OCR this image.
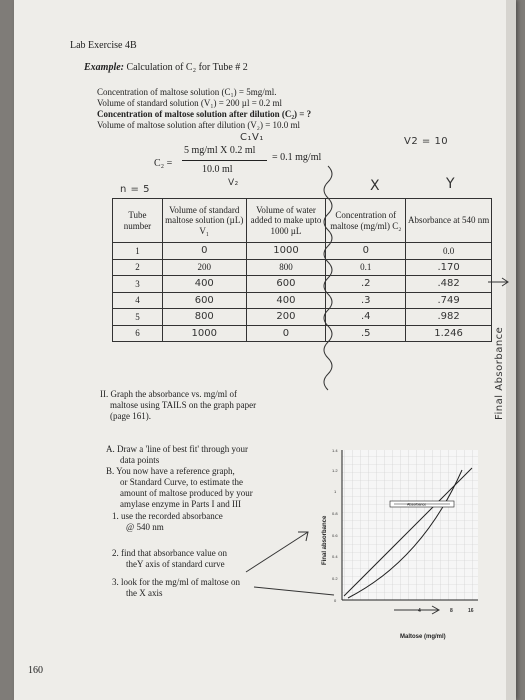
Lab Exercise 4B
Example: Calculation of C₂ for Tube # 2
Concentration of maltose solution (C₁) = 5mg/ml.
Volume of standard solution (V₁) = 200 µl = 0.2 ml
Concentration of maltose solution after dilution (C₂) = ?
Volume of maltose solution after dilution (V₂) = 10.0 ml
C₁V₁
C₂ =
5 mg/ml X 0.2 ml
10.0 ml
= 0.1 mg/ml
V₂
V2 = 10
n = 5	X	Y
Tube number	Volume of standard maltose solution (µL) V₁	Volume of water added to make upto 1000 µL	Concentration of maltose (mg/ml) C₂	Absorbance at 540 nm
1	0	1000	0	0.0
2	200	800	0.1	.170
3	400	600	.2	.482
4	600	400	.3	.749
5	800	200	.4	.982
6	1000	0	.5	1.246	Final Absorbance
II. Graph the absorbance vs. mg/ml of
maltose using TAILS on the graph paper
(page 161).
A. Draw a 'line of best fit' through your
data points
B. You now have a reference graph,
or Standard Curve, to estimate the
amount of maltose produced by your
amylase enzyme in Parts I and III
1. use the recorded absorbance
@ 540 nm
2. find that absorbance value on
theY axis of standard curve
3. look for the mg/ml of maltose on
the X axis
Absorbance
0
0.2
0.4
0.6
0.8
1
1.2
1.4
4	8	16
Maltose (mg/ml)
Final absorbance
160
